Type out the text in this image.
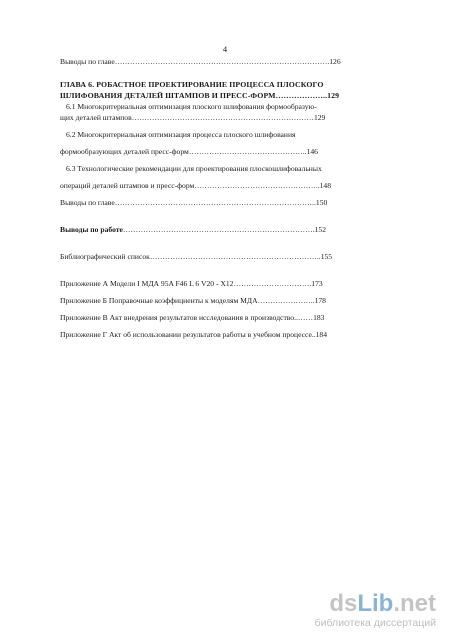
4
Выводы по главе………………………………………………………………………….126
ГЛАВА 6. РОБАСТНОЕ ПРОЕКТИРОВАНИЕ ПРОЦЕССА ПЛОСКОГО
ШЛИФОВАНИЯ ДЕТАЛЕЙ ШТАМПОВ И ПРЕСС-ФОРМ………………..129
6.1 Многокритериальная оптимизация плоского шлифования формообразую-
щих деталей штампов………………………………………………………………129
6.2 Многокритериальная оптимизация процесса плоского шлифования
формообразующих деталей пресс-форм………………………………………..146
6.3 Технологические рекомендации для проектирования плоскошлифовальных
операций деталей штампов и пресс-форм…………………………………………..148
Выводы по главе……………………………………………………………………..150
Выводы по работе………………………………………………………………….152
Библиографический список…………………………………………………………..155
Приложение А Модели I МДА 95A F46 L 6 V20 - X12………………………….173
Приложение Б Поправочные коэффициенты к моделям МДА…………………..178
Приложение В Акт внедрения результатов исследования в производство..……183
Приложение Г Акт об использовании результатов работы в учебном процессе..184
dsLib.net
библиотека диссертаций
